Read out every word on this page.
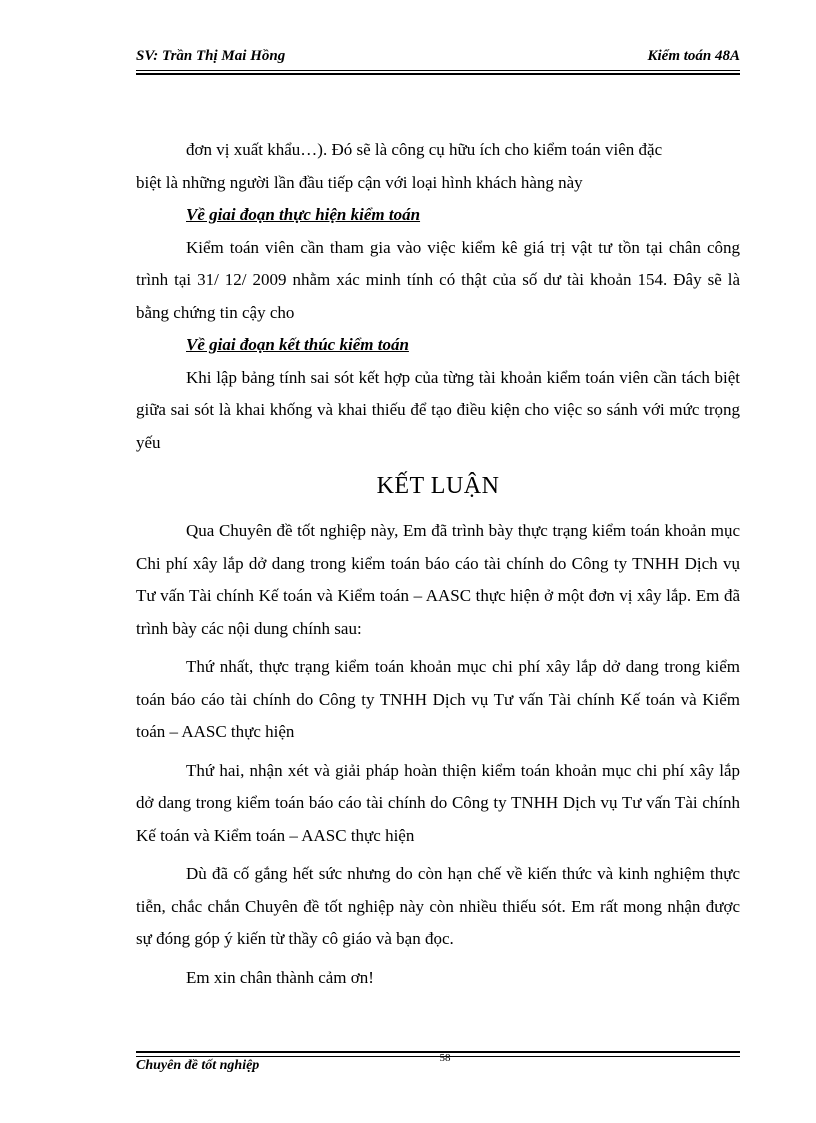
SV: Trần Thị Mai Hồng	Kiểm toán 48A

đơn vị xuất khẩu…). Đó sẽ là công cụ hữu ích cho kiểm toán viên đặc

biệt là những người lần đầu tiếp cận với loại hình khách hàng này

Về giai đoạn thực hiện kiểm toán

Kiểm toán viên cần tham gia vào việc kiểm kê giá trị vật tư tồn tại chân công trình tại 31/ 12/ 2009 nhằm xác minh tính có thật của số dư tài khoản 154. Đây sẽ là bằng chứng tin cậy cho

Về giai đoạn kết thúc kiểm toán

Khi lập bảng tính sai sót kết hợp của từng tài khoản kiểm toán viên cần tách biệt giữa sai sót là khai khống và khai thiếu để tạo điều kiện cho việc so sánh với mức trọng yếu

KẾT LUẬN

Qua Chuyên đề tốt nghiệp này, Em đã trình bày thực trạng kiểm toán khoản mục Chi phí xây lắp dở dang trong kiểm toán báo cáo tài chính do Công ty TNHH Dịch vụ Tư vấn Tài chính Kế toán và Kiểm toán – AASC thực hiện ở một đơn vị xây lắp. Em đã trình bày các nội dung chính sau:

Thứ nhất, thực trạng kiểm toán khoản mục chi phí xây lắp dở dang trong kiểm toán báo cáo tài chính do Công ty TNHH Dịch vụ Tư vấn Tài chính Kế toán và Kiểm toán – AASC thực hiện

Thứ hai, nhận xét và giải pháp hoàn thiện kiểm toán khoản mục chi phí xây lắp dở dang trong kiểm toán báo cáo tài chính do Công ty TNHH Dịch vụ Tư vấn Tài chính Kế toán và Kiểm toán – AASC thực hiện

Dù đã cố gắng hết sức nhưng do còn hạn chế về kiến thức và kinh nghiệm thực tiễn, chắc chắn Chuyên đề tốt nghiệp này còn nhiều thiếu sót. Em rất mong nhận được sự đóng góp ý kiến từ thầy cô giáo và bạn đọc.

Em xin chân thành cảm ơn!

58
Chuyên đề tốt nghiệp
